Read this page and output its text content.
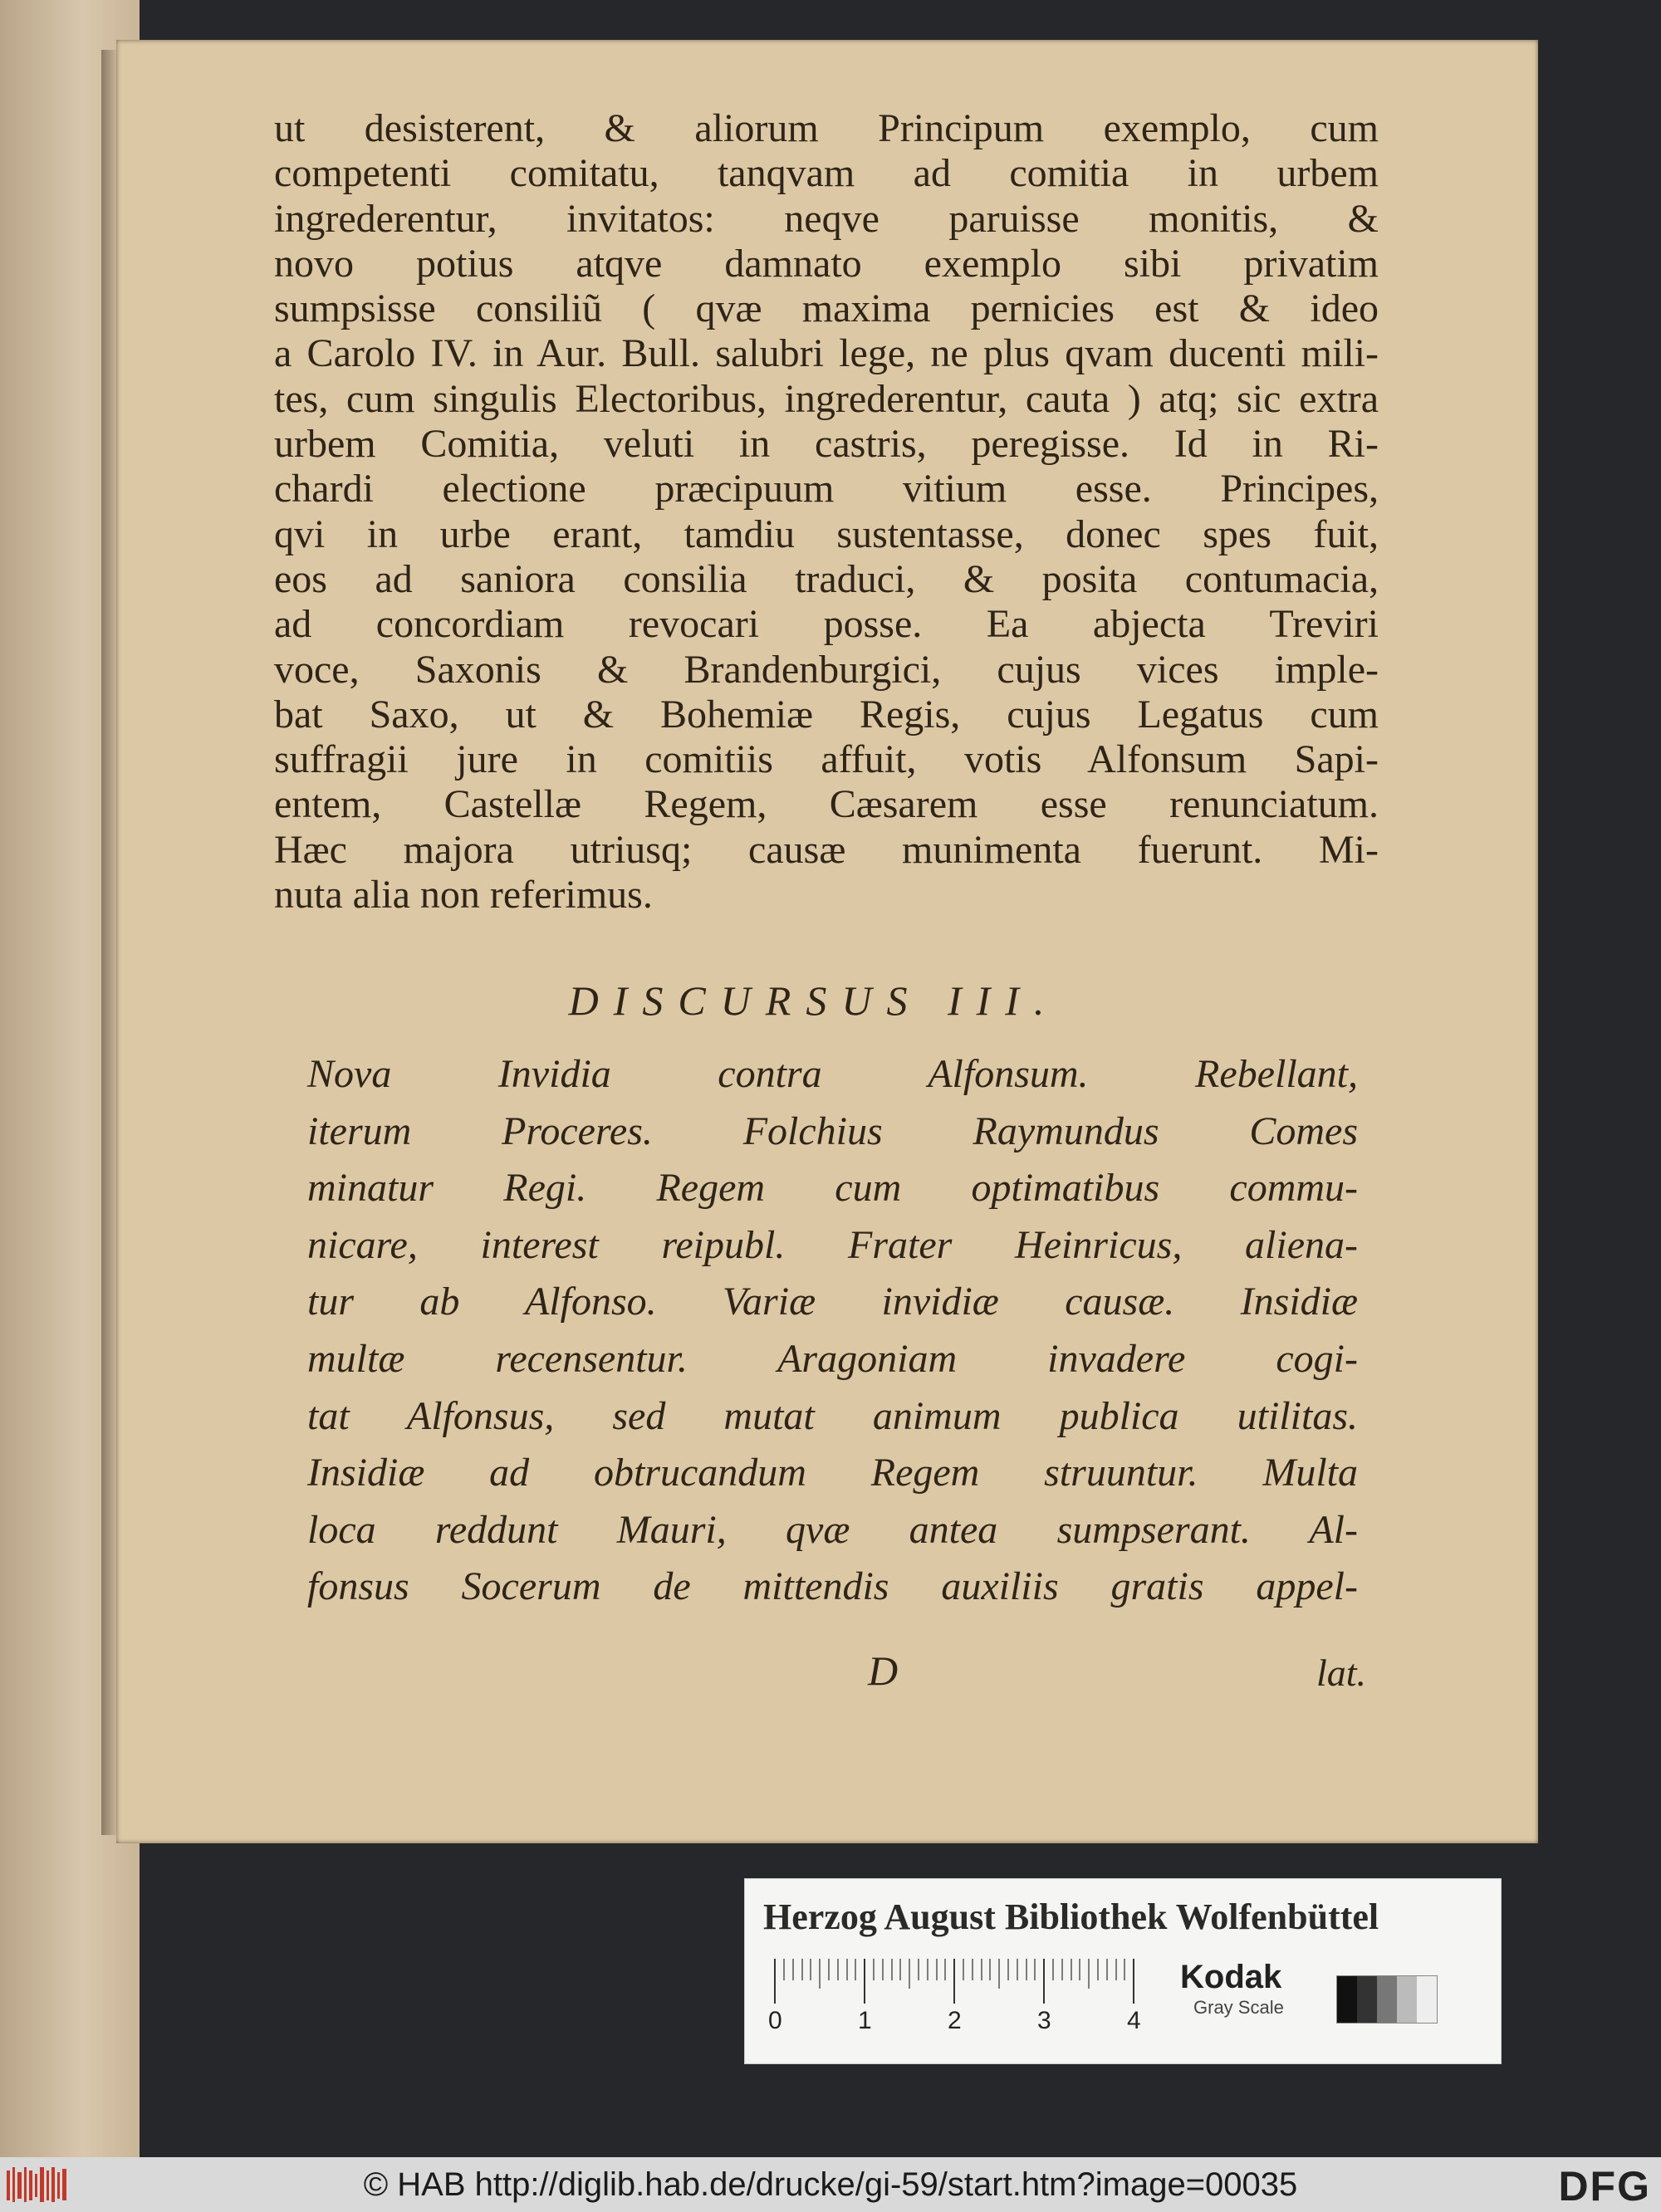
ut desisterent, & aliorum Principum exemplo, cum
competenti comitatu, tanqvam ad comitia in urbem
ingrederentur, invitatos: neqve paruisse monitis, &
novo potius atqve damnato exemplo sibi privatim
sumpsisse consiliũ ( qvæ maxima pernicies est & ideo
a Carolo IV. in Aur. Bull. salubri lege, ne plus qvam ducenti mili-
tes, cum singulis Electoribus, ingrederentur, cauta ) atq; sic extra
urbem Comitia, veluti in castris, peregisse. Id in Ri-
chardi electione præcipuum vitium esse. Principes,
qvi in urbe erant, tamdiu sustentasse, donec spes fuit,
eos ad saniora consilia traduci, & posita contumacia,
ad concordiam revocari posse. Ea abjecta Treviri
voce, Saxonis & Brandenburgici, cujus vices imple-
bat Saxo, ut & Bohemiæ Regis, cujus Legatus cum
suffragii jure in comitiis affuit, votis Alfonsum Sapi-
entem, Castellæ Regem, Cæsarem esse renunciatum.
Hæc majora utriusq; causæ munimenta fuerunt. Mi-
nuta alia non referimus.
DISCURSUS III.
Nova Invidia contra Alfonsum. Rebellant,
iterum Proceres. Folchius Raymundus Comes
minatur Regi. Regem cum optimatibus commu-
nicare, interest reipubl. Frater Heinricus, aliena-
tur ab Alfonso. Variæ invidiæ causæ. Insidiæ
multæ recensentur. Aragoniam invadere cogi-
tat Alfonsus, sed mutat animum publica utilitas.
Insidiæ ad obtrucandum Regem struuntur. Multa
loca reddunt Mauri, qvæ antea sumpserant. Al-
fonsus Socerum de mittendis auxiliis gratis appel-
D	lat.
Herzog August Bibliothek Wolfenbüttel
0	1	2	3	4
Kodak
Gray Scale
© HAB http://diglib.hab.de/drucke/gi-59/start.htm?image=00035	DFG
